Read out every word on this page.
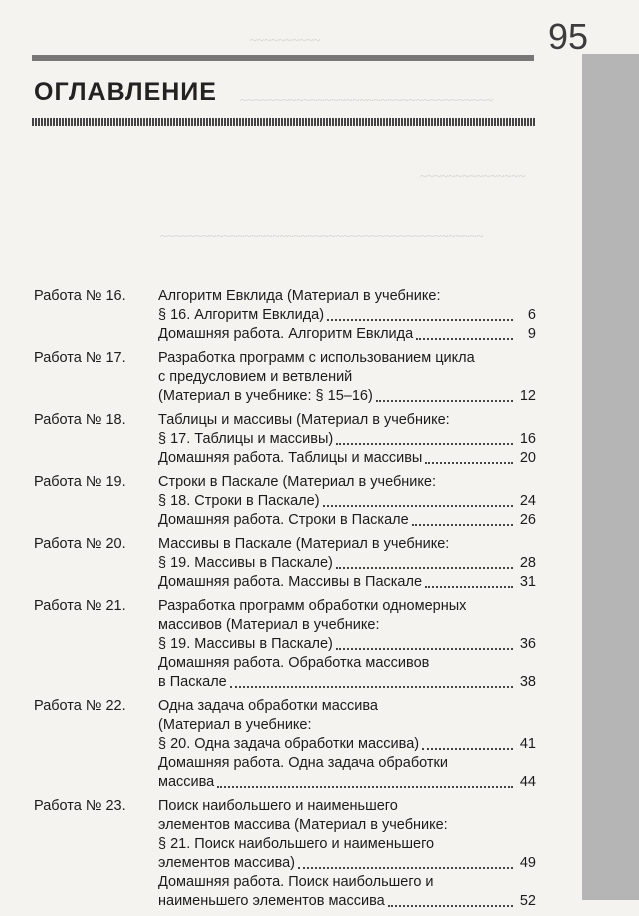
95
~~~~~~~~~~
~~~~~~~~~~~~~~~~~~~~~~~~~~~~~~~~~~~~
~~~~~~~~~~~~~~~
~~~~~~~~~~~~~~~~~~~~~~~~~~~~~~~~~~~~~~~~~~~~~~
ОГЛАВЛЕНИЕ
Работа № 16.	Алгоритм Евклида (Материал в учебнике:
§ 16. Алгоритм Евклида)	6
Домашняя работа. Алгоритм Евклида	9
Работа № 17.	Разработка программ с использованием цикла
с предусловием и ветвлений
(Материал в учебнике: § 15–16)	12
Работа № 18.	Таблицы и массивы (Материал в учебнике:
§ 17. Таблицы и массивы)	16
Домашняя работа. Таблицы и массивы	20
Работа № 19.	Строки в Паскале (Материал в учебнике:
§ 18. Строки в Паскале)	24
Домашняя работа. Строки в Паскале	26
Работа № 20.	Массивы в Паскале (Материал в учебнике:
§ 19. Массивы в Паскале)	28
Домашняя работа. Массивы в Паскале	31
Работа № 21.	Разработка программ обработки одномерных
массивов (Материал в учебнике:
§ 19. Массивы в Паскале)	36
Домашняя работа. Обработка массивов
в Паскале	38
Работа № 22.	Одна задача обработки массива
(Материал в учебнике:
§ 20. Одна задача обработки массива)	41
Домашняя работа. Одна задача обработки
массива	44
Работа № 23.	Поиск наибольшего и наименьшего
элементов массива (Материал в учебнике:
§ 21. Поиск наибольшего и наименьшего
элементов массива)	49
Домашняя работа. Поиск наибольшего и
наименьшего элементов массива	52
